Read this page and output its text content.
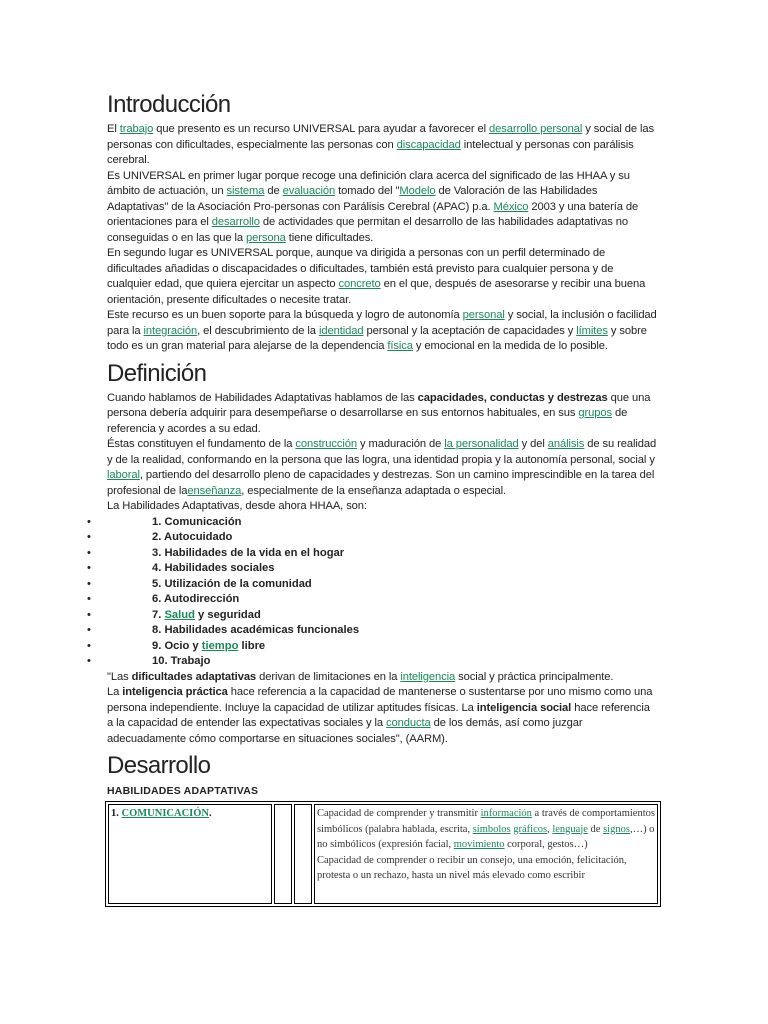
Introducción

El trabajo que presento es un recurso UNIVERSAL para ayudar a favorecer el desarrollo personal y social de las personas con dificultades, especialmente las personas con discapacidad intelectual y personas con parálisis cerebral.

Es UNIVERSAL en primer lugar porque recoge una definición clara acerca del significado de las HHAA y su ámbito de actuación, un sistema de evaluación tomado del "Modelo de Valoración de las Habilidades Adaptativas" de la Asociación Pro-personas con Parálisis Cerebral (APAC) p.a. México 2003 y una batería de orientaciones para el desarrollo de actividades que permitan el desarrollo de las habilidades adaptativas no conseguidas o en las que la persona tiene dificultades.

En segundo lugar es UNIVERSAL porque, aunque va dirigida a personas con un perfil determinado de dificultades añadidas o discapacidades o dificultades, también está previsto para cualquier persona y de cualquier edad, que quiera ejercitar un aspecto concreto en el que, después de asesorarse y recibir una buena orientación, presente dificultades o necesite tratar.

Este recurso es un buen soporte para la búsqueda y logro de autonomía personal y social, la inclusión o facilidad para la integración, el descubrimiento de la identidad personal y la aceptación de capacidades y límites y sobre todo es un gran material para alejarse de la dependencia física y emocional en la medida de lo posible.

Definición

Cuando hablamos de Habilidades Adaptativas hablamos de las capacidades, conductas y destrezas que una persona debería adquirir para desempeñarse o desarrollarse en sus entornos habituales, en sus grupos de referencia y acordes a su edad.

Éstas constituyen el fundamento de la construcción y maduración de la personalidad y del análisis de su realidad y de la realidad, conformando en la persona que las logra, una identidad propia y la autonomía personal, social y laboral, partiendo del desarrollo pleno de capacidades y destrezas. Son un camino imprescindible en la tarea del profesional de laenseñanza, especialmente de la enseñanza adaptada o especial.

La Habilidades Adaptativas, desde ahora HHAA, son:

•	1. Comunicación
•	2. Autocuidado
•	3. Habilidades de la vida en el hogar
•	4. Habilidades sociales
•	5. Utilización de la comunidad
•	6. Autodirección
•	7. Salud y seguridad
•	8. Habilidades académicas funcionales
•	9. Ocio y tiempo libre
•	10. Trabajo

"Las dificultades adaptativas derivan de limitaciones en la inteligencia social y práctica principalmente.

La inteligencia práctica hace referencia a la capacidad de mantenerse o sustentarse por uno mismo como una persona independiente. Incluye la capacidad de utilizar aptitudes físicas. La inteligencia social hace referencia a la capacidad de entender las expectativas sociales y la conducta de los demás, así como juzgar adecuadamente cómo comportarse en situaciones sociales", (AARM).

Desarrollo
HABILIDADES ADAPTATIVAS
1. COMUNICACIÓN.			Capacidad de comprender y transmitir información a través de comportamientos simbólicos (palabra hablada, escrita, símbolos gráficos, lenguaje de signos,…) o no simbólicos (expresión facial, movimiento corporal, gestos…)
Capacidad de comprender o recibir un consejo, una emoción, felicitación, protesta o un rechazo, hasta un nivel más elevado como escribir
